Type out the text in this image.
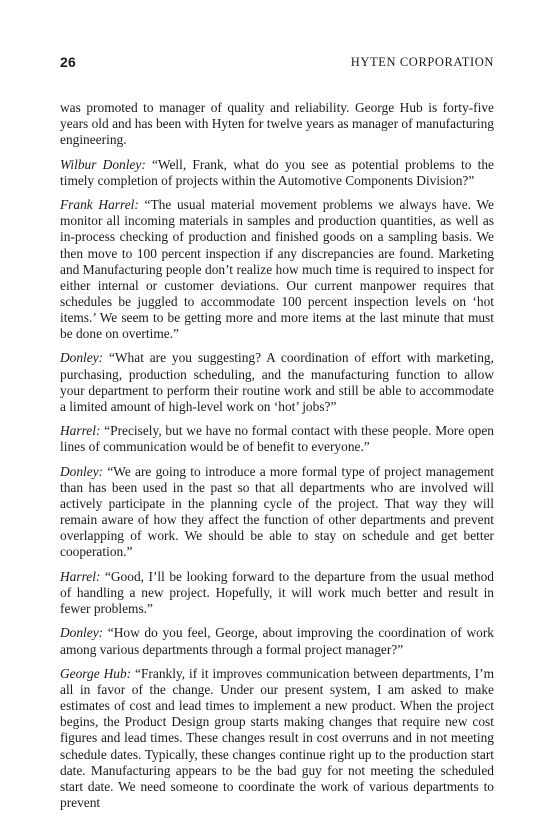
26	HYTEN CORPORATION

was promoted to manager of quality and reliability. George Hub is forty-five years old and has been with Hyten for twelve years as manager of manufacturing engineering.

Wilbur Donley: “Well, Frank, what do you see as potential problems to the timely completion of projects within the Automotive Components Division?”

Frank Harrel: “The usual material movement problems we always have. We monitor all incoming materials in samples and production quantities, as well as in-process checking of production and finished goods on a sampling basis. We then move to 100 percent inspection if any discrepancies are found. Marketing and Manufacturing people don’t realize how much time is required to inspect for either internal or customer deviations. Our current manpower requires that schedules be juggled to accommodate 100 percent inspection levels on ‘hot items.’ We seem to be getting more and more items at the last minute that must be done on overtime.”

Donley: “What are you suggesting? A coordination of effort with marketing, purchasing, production scheduling, and the manufacturing function to allow your department to perform their routine work and still be able to accommodate a limited amount of high-level work on ‘hot’ jobs?”

Harrel: “Precisely, but we have no formal contact with these people. More open lines of communication would be of benefit to everyone.”

Donley: “We are going to introduce a more formal type of project management than has been used in the past so that all departments who are involved will actively participate in the planning cycle of the project. That way they will remain aware of how they affect the function of other departments and prevent overlapping of work. We should be able to stay on schedule and get better cooperation.”

Harrel: “Good, I’ll be looking forward to the departure from the usual method of handling a new project. Hopefully, it will work much better and result in fewer problems.”

Donley: “How do you feel, George, about improving the coordination of work among various departments through a formal project manager?”

George Hub: “Frankly, if it improves communication between departments, I’m all in favor of the change. Under our present system, I am asked to make estimates of cost and lead times to implement a new product. When the project begins, the Product Design group starts making changes that require new cost figures and lead times. These changes result in cost overruns and in not meeting schedule dates. Typically, these changes continue right up to the production start date. Manufacturing appears to be the bad guy for not meeting the scheduled start date. We need someone to coordinate the work of various departments to prevent
